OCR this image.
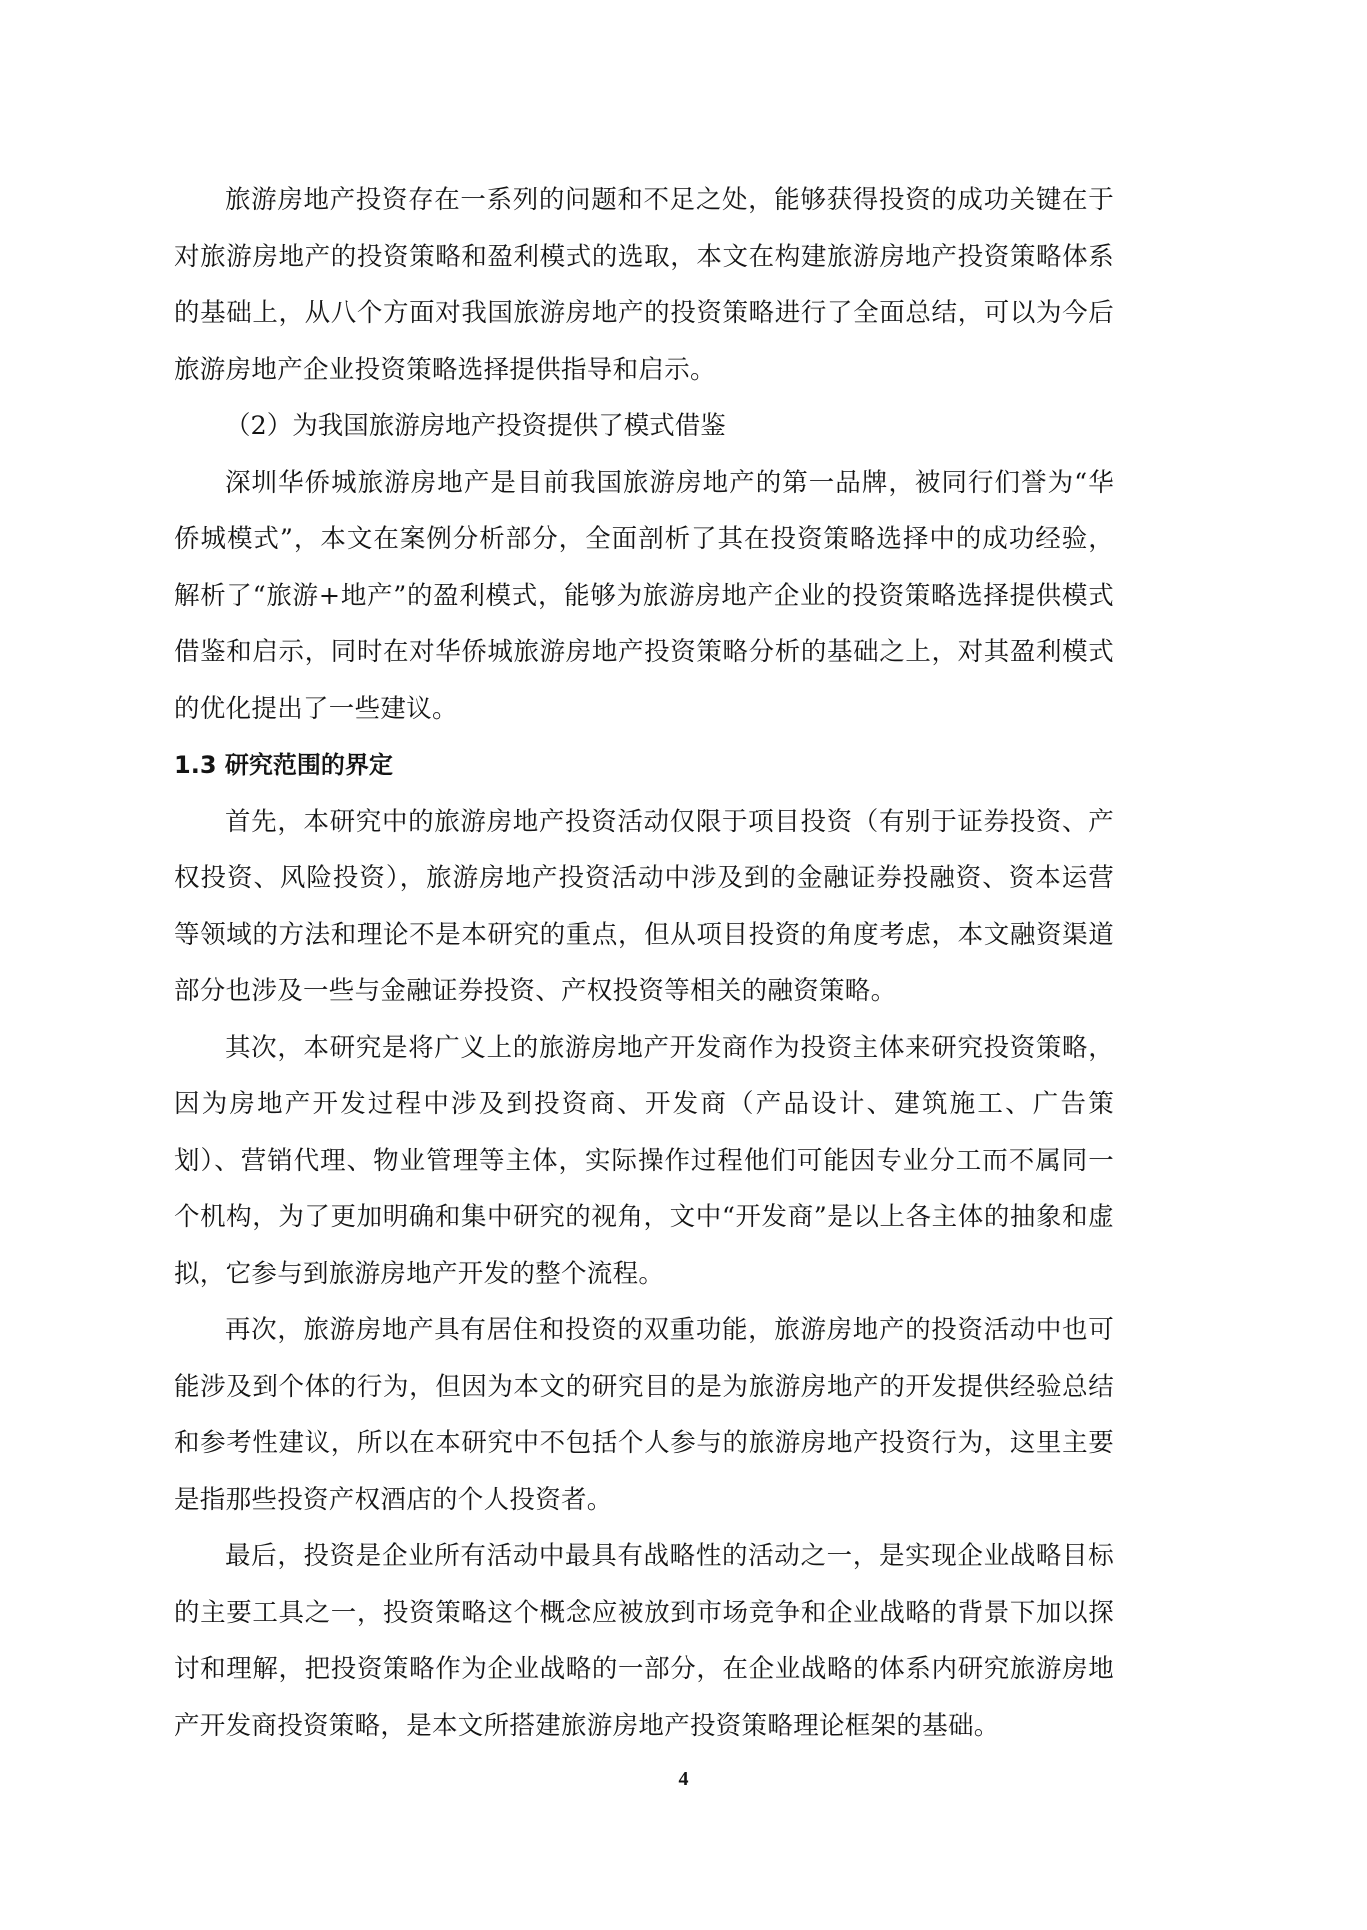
旅游房地产投资存在一系列的问题和不足之处，能够获得投资的成功关键在于对旅游房地产的投资策略和盈利模式的选取，本文在构建旅游房地产投资策略体系的基础上，从八个方面对我国旅游房地产的投资策略进行了全面总结，可以为今后旅游房地产企业投资策略选择提供指导和启示。

（2）为我国旅游房地产投资提供了模式借鉴

深圳华侨城旅游房地产是目前我国旅游房地产的第一品牌，被同行们誉为“华侨城模式”，本文在案例分析部分，全面剖析了其在投资策略选择中的成功经验，解析了“旅游+地产”的盈利模式，能够为旅游房地产企业的投资策略选择提供模式借鉴和启示，同时在对华侨城旅游房地产投资策略分析的基础之上，对其盈利模式的优化提出了一些建议。

1.3 研究范围的界定

首先，本研究中的旅游房地产投资活动仅限于项目投资（有别于证券投资、产权投资、风险投资），旅游房地产投资活动中涉及到的金融证券投融资、资本运营等领域的方法和理论不是本研究的重点，但从项目投资的角度考虑，本文融资渠道部分也涉及一些与金融证券投资、产权投资等相关的融资策略。

其次，本研究是将广义上的旅游房地产开发商作为投资主体来研究投资策略，因为房地产开发过程中涉及到投资商、开发商（产品设计、建筑施工、广告策划）、营销代理、物业管理等主体，实际操作过程他们可能因专业分工而不属同一个机构，为了更加明确和集中研究的视角，文中“开发商”是以上各主体的抽象和虚拟，它参与到旅游房地产开发的整个流程。

再次，旅游房地产具有居住和投资的双重功能，旅游房地产的投资活动中也可能涉及到个体的行为，但因为本文的研究目的是为旅游房地产的开发提供经验总结和参考性建议，所以在本研究中不包括个人参与的旅游房地产投资行为，这里主要是指那些投资产权酒店的个人投资者。

最后，投资是企业所有活动中最具有战略性的活动之一，是实现企业战略目标的主要工具之一，投资策略这个概念应被放到市场竞争和企业战略的背景下加以探讨和理解，把投资策略作为企业战略的一部分，在企业战略的体系内研究旅游房地产开发商投资策略，是本文所搭建旅游房地产投资策略理论框架的基础。

4
